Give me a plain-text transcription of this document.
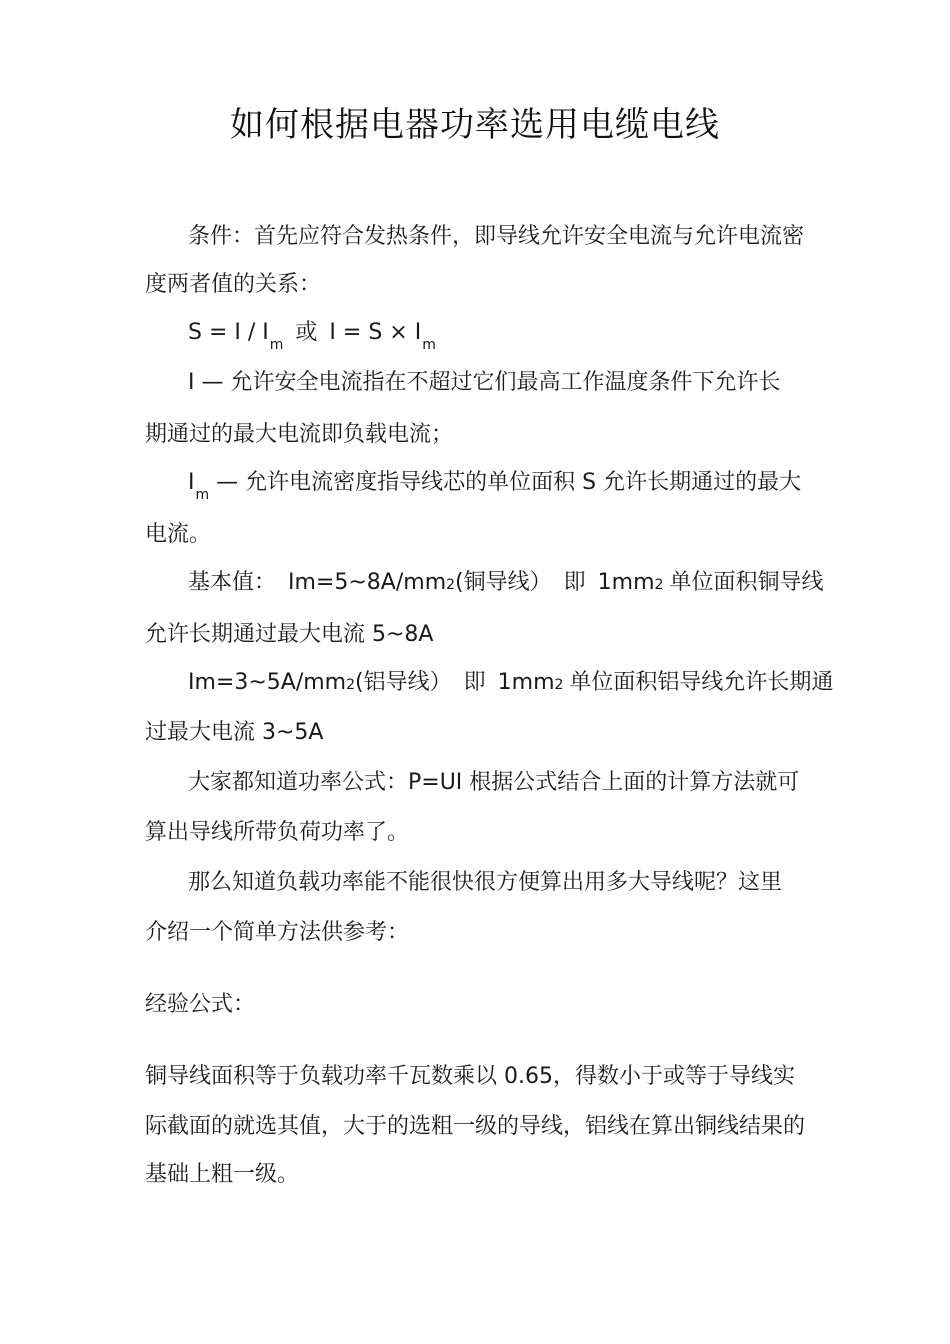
如何根据电器功率选用电缆电线
条件：首先应符合发热条件，即导线允许安全电流与允许电流密
度两者值的关系：
$S = I / I_m$ 或 $I = S \times I_m$
I — 允许安全电流指在不超过它们最高工作温度条件下允许长
期通过的最大电流即负载电流；
$I_m$ — 允许电流密度指导线芯的单位面积 S 允许长期通过的最大
电流。
基本值： Im=5~8A/mm2(铜导线） 即 1mm2 单位面积铜导线
允许长期通过最大电流 5~8A
Im=3~5A/mm2(铝导线） 即 1mm2 单位面积铝导线允许长期通
过最大电流 3~5A
大家都知道功率公式：P=UI 根据公式结合上面的计算方法就可
算出导线所带负荷功率了。
那么知道负载功率能不能很快很方便算出用多大导线呢？这里
介绍一个简单方法供参考：
经验公式：
铜导线面积等于负载功率千瓦数乘以 0.65，得数小于或等于导线实
际截面的就选其值，大于的选粗一级的导线，铝线在算出铜线结果的
基础上粗一级。
